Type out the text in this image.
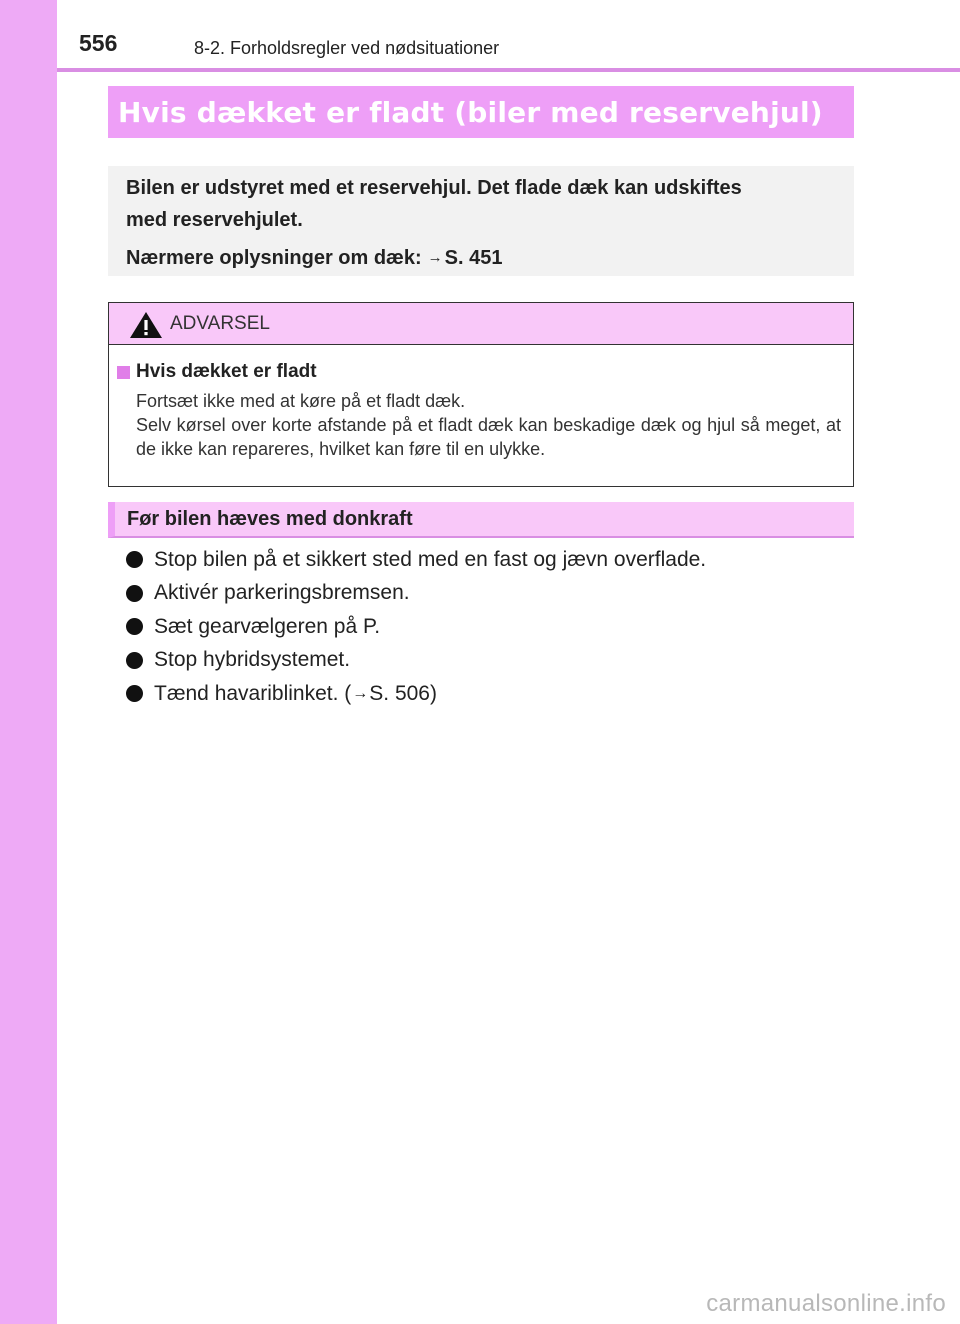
556	8-2. Forholdsregler ved nødsituationer
Hvis dækket er fladt (biler med reservehjul)
Bilen er udstyret med et reservehjul. Det flade dæk kan udskiftes
med reservehjulet.
Nærmere oplysninger om dæk: → S. 451
ADVARSEL
Hvis dækket er fladt
Fortsæt ikke med at køre på et fladt dæk.
Selv kørsel over korte afstande på et fladt dæk kan beskadige dæk og hjul så meget, at de ikke kan repareres, hvilket kan føre til en ulykke.
Før bilen hæves med donkraft
Stop bilen på et sikkert sted med en fast og jævn overflade.
Aktivér parkeringsbremsen.
Sæt gearvælgeren på P.
Stop hybridsystemet.
Tænd havariblinket. (→S. 506)
carmanualsonline.info
